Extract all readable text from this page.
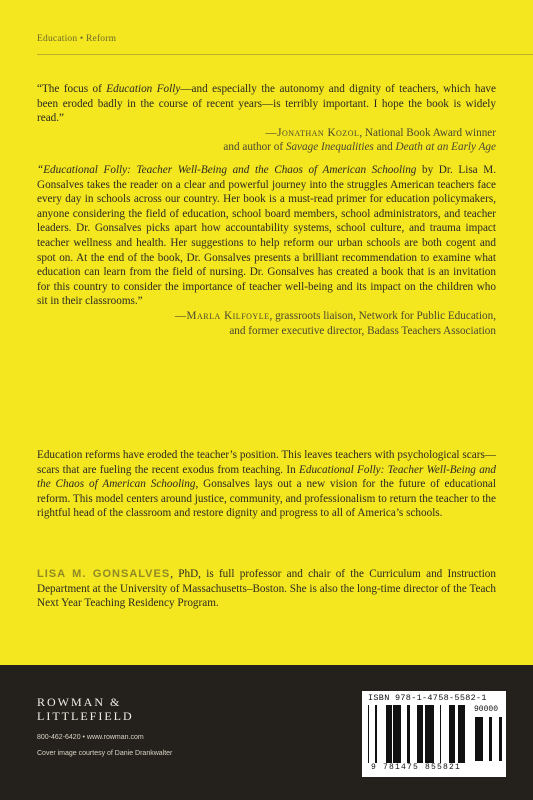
Education • Reform
“The focus of Education Folly—and especially the autonomy and dignity of teachers, which have been eroded badly in the course of recent years—is terribly important. I hope the book is widely read.”
—Jonathan Kozol, National Book Award winner
and author of Savage Inequalities and Death at an Early Age
“Educational Folly: Teacher Well-Being and the Chaos of American Schooling by Dr. Lisa M. Gonsalves takes the reader on a clear and powerful journey into the struggles American teachers face every day in schools across our country. Her book is a must-read primer for education policymakers, anyone considering the field of education, school board members, school administrators, and teacher leaders. Dr. Gonsalves picks apart how accountability systems, school culture, and trauma impact teacher wellness and health. Her suggestions to help reform our urban schools are both cogent and spot on. At the end of the book, Dr. Gonsalves presents a brilliant recommendation to examine what education can learn from the field of nursing. Dr. Gonsalves has created a book that is an invitation for this country to consider the importance of teacher well-being and its impact on the children who sit in their classrooms.”
—Marla Kilfoyle, grassroots liaison, Network for Public Education,
and former executive director, Badass Teachers Association
Education reforms have eroded the teacher’s position. This leaves teachers with psychological scars—scars that are fueling the recent exodus from teaching. In Educational Folly: Teacher Well-Being and the Chaos of American Schooling, Gonsalves lays out a new vision for the future of educational reform. This model centers around justice, community, and professionalism to return the teacher to the rightful head of the classroom and restore dignity and progress to all of America’s schools.
LISA M. GONSALVES, PhD, is full professor and chair of the Curriculum and Instruction Department at the University of Massachusetts–Boston. She is also the long-time director of the Teach Next Year Teaching Residency Program.
ROWMAN &
LITTLEFIELD
800-462-6420 • www.rowman.com
Cover image courtesy of Danie Drankwalter
ISBN 978-1-4758-5582-1
90000
9 781475 855821
